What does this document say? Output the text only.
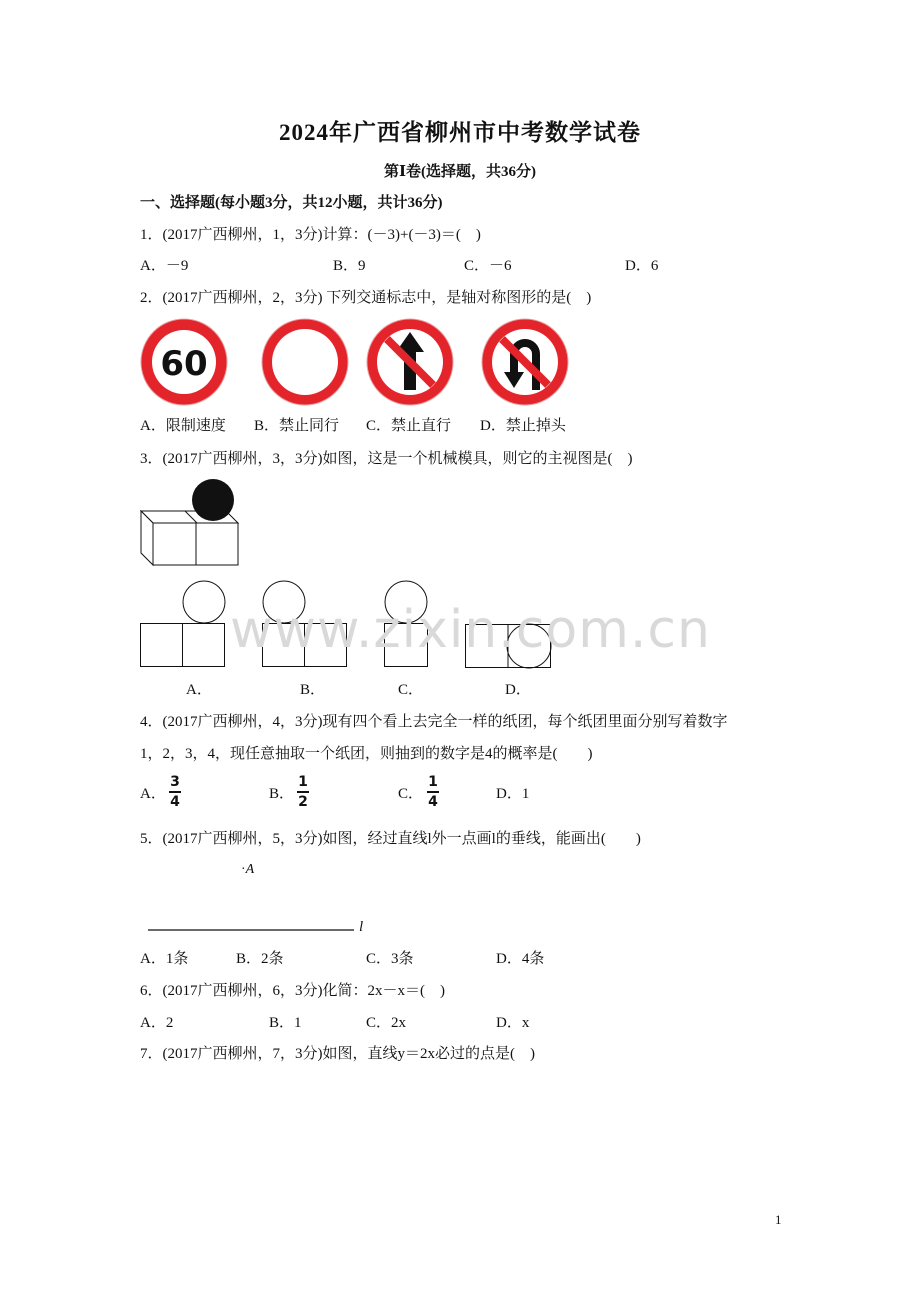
2024年广西省柳州市中考数学试卷
第Ⅰ卷(选择题，共36分)
一、选择题(每小题3分，共12小题，共计36分)
1．(2017广西柳州，1，3分)计算：(－3)+(－3)＝(　)
A．－9	B．9	C．－6	D．6
2．(2017广西柳州，2，3分) 下列交通标志中，是轴对称图形的是(　)
60
A．限制速度 B．禁止同行 C．禁止直行 D．禁止掉头
3．(2017广西柳州，3，3分)如图，这是一个机械模具，则它的主视图是(　)
A．	B．	C．	D．
www.zixin.com.cn
4．(2017广西柳州，4，3分)现有四个看上去完全一样的纸团，每个纸团里面分别写着数字
1，2，3，4，现任意抽取一个纸团，则抽到的数字是4的概率是(　　)
A．
3
4	B．
1
2	C．
1
4	D．1
5．(2017广西柳州，5，3分)如图，经过直线l外一点画l的垂线，能画出(　　)
·A
l
A．1条	B．2条	C．3条	D．4条
6．(2017广西柳州，6，3分)化简：2x－x＝(　)
A．2	B．1	C．2x	D．x
7．(2017广西柳州，7，3分)如图，直线y＝2x必过的点是(　)
1
